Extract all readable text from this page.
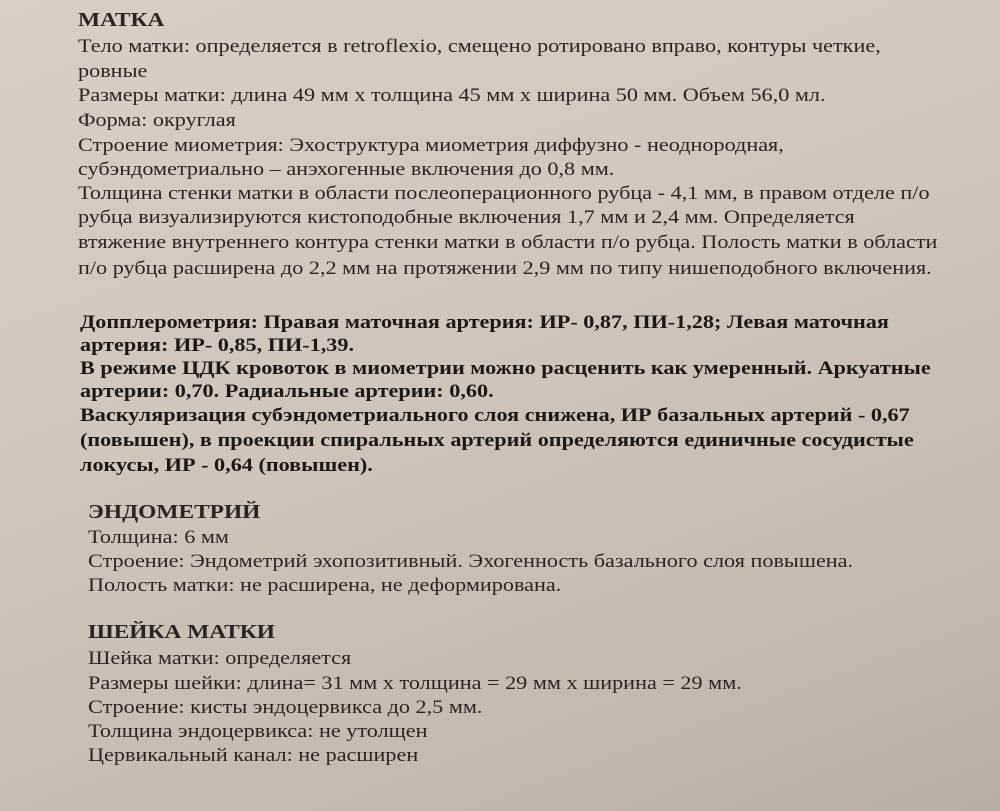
МАТКА
Тело матки: определяется в retroflexio, смещено ротировано вправо, контуры четкие,
ровные
Размеры матки: длина 49 мм х толщина 45 мм х ширина 50 мм. Объем 56,0 мл.
Форма: округлая
Строение миометрия: Эхоструктура миометрия диффузно - неоднородная,
субэндометриально – анэхогенные включения до 0,8 мм.
Толщина стенки матки в области послеоперационного рубца - 4,1 мм, в правом отделе п/о
рубца визуализируются кистоподобные включения 1,7 мм и 2,4 мм. Определяется
втяжение внутреннего контура стенки матки в области п/о рубца. Полость матки в области
п/о рубца расширена до 2,2 мм на протяжении 2,9 мм по типу нишеподобного включения.
Допплерометрия: Правая маточная артерия: ИР- 0,87, ПИ-1,28; Левая маточная
артерия: ИР- 0,85, ПИ-1,39.
В режиме ЦДК кровоток в миометрии можно расценить как умеренный. Аркуатные
артерии: 0,70. Радиальные артерии: 0,60.
Васкуляризация субэндометриального слоя снижена, ИР базальных артерий - 0,67
(повышен), в проекции спиральных артерий определяются единичные сосудистые
локусы, ИР - 0,64 (повышен).
ЭНДОМЕТРИЙ
Толщина: 6 мм
Строение: Эндометрий эхопозитивный. Эхогенность базального слоя повышена.
Полость матки: не расширена, не деформирована.
ШЕЙКА МАТКИ
Шейка матки: определяется
Размеры шейки: длина= 31 мм х толщина = 29 мм х ширина = 29 мм.
Строение: кисты эндоцервикса до 2,5 мм.
Толщина эндоцервикса: не утолщен
Цервикальный канал: не расширен
